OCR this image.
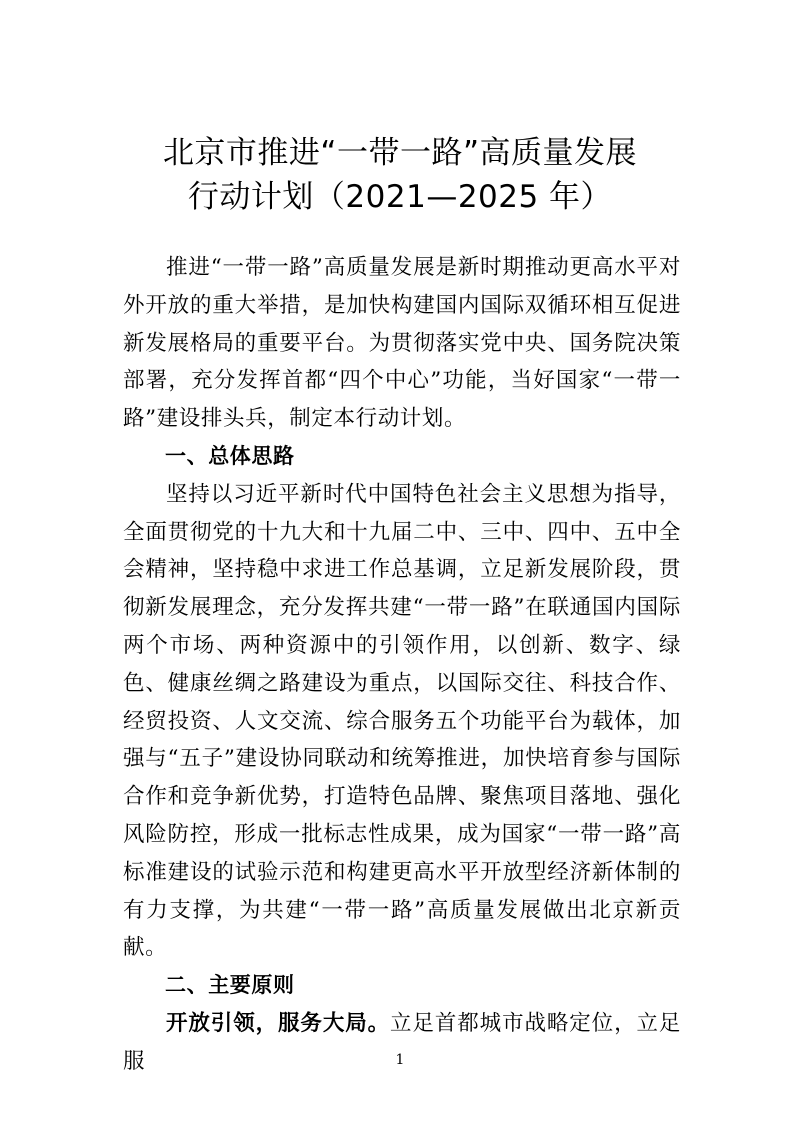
北京市推进“一带一路”高质量发展
行动计划（2021—2025 年）

推进“一带一路”高质量发展是新时期推动更高水平对外开放的重大举措，是加快构建国内国际双循环相互促进新发展格局的重要平台。为贯彻落实党中央、国务院决策部署，充分发挥首都“四个中心”功能，当好国家“一带一路”建设排头兵，制定本行动计划。

一、总体思路

坚持以习近平新时代中国特色社会主义思想为指导，全面贯彻党的十九大和十九届二中、三中、四中、五中全会精神，坚持稳中求进工作总基调，立足新发展阶段，贯彻新发展理念，充分发挥共建“一带一路”在联通国内国际两个市场、两种资源中的引领作用，以创新、数字、绿色、健康丝绸之路建设为重点，以国际交往、科技合作、经贸投资、人文交流、综合服务五个功能平台为载体，加强与“五子”建设协同联动和统筹推进，加快培育参与国际合作和竞争新优势，打造特色品牌、聚焦项目落地、强化风险防控，形成一批标志性成果，成为国家“一带一路”高标准建设的试验示范和构建更高水平开放型经济新体制的有力支撑，为共建“一带一路”高质量发展做出北京新贡献。

二、主要原则

开放引领，服务大局。立足首都城市战略定位，立足服	1
